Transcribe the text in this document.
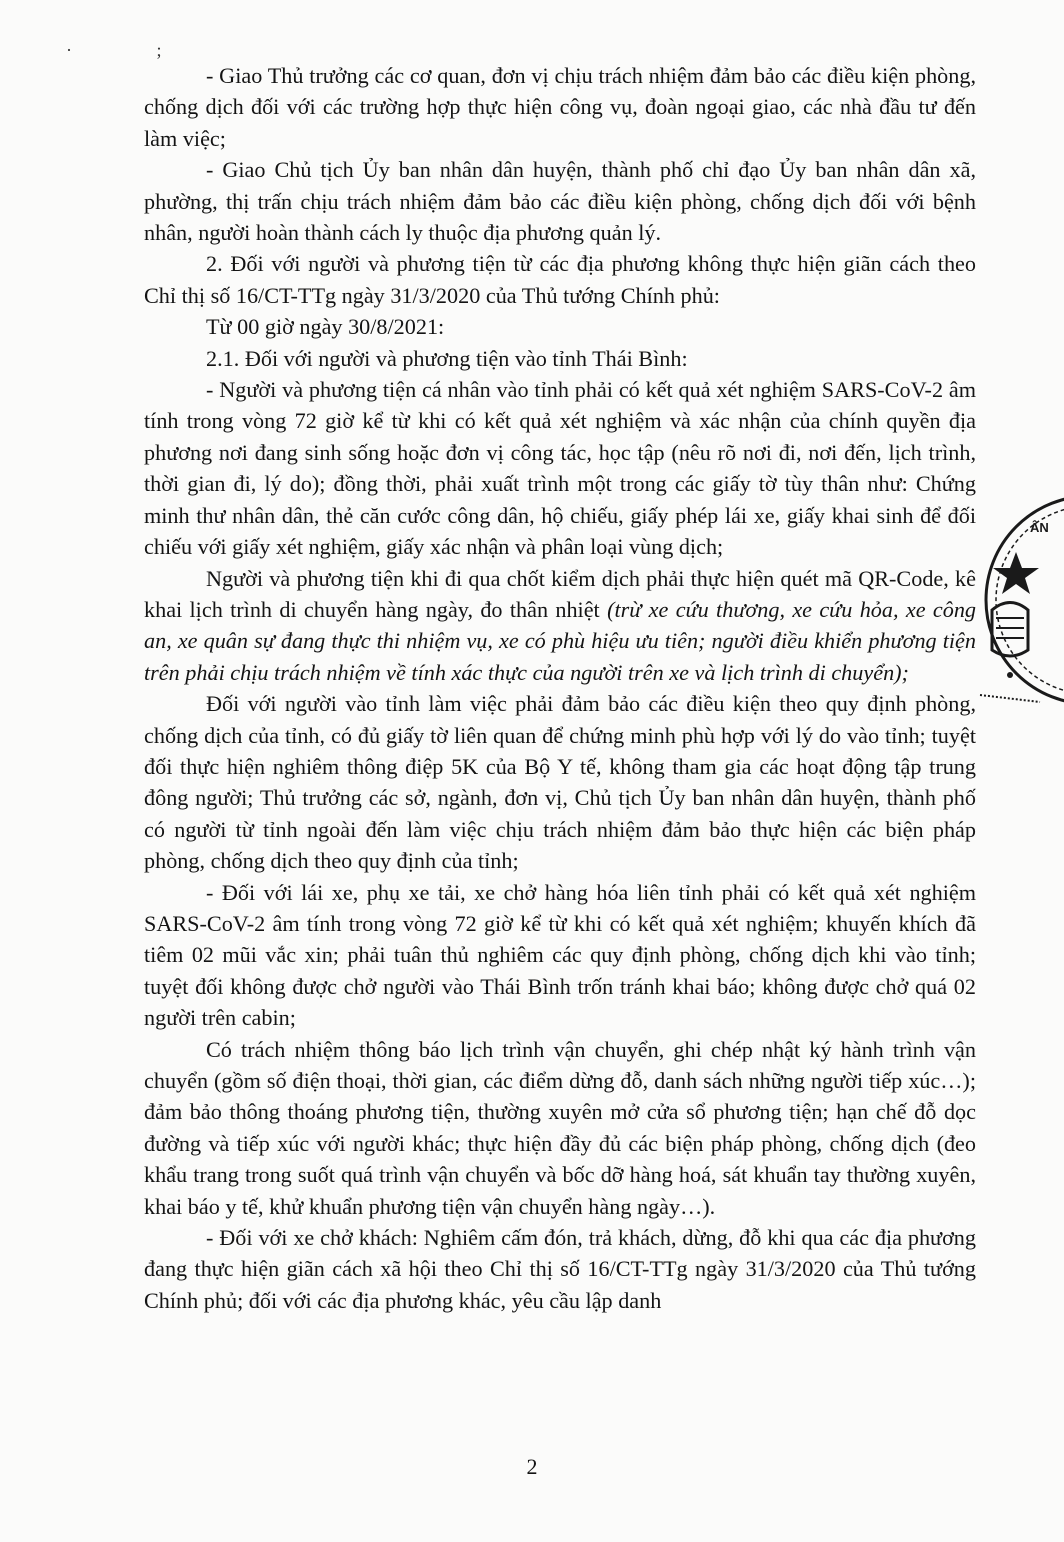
· ;

- Giao Thủ trưởng các cơ quan, đơn vị chịu trách nhiệm đảm bảo các điều kiện phòng, chống dịch đối với các trường hợp thực hiện công vụ, đoàn ngoại giao, các nhà đầu tư đến làm việc;

- Giao Chủ tịch Ủy ban nhân dân huyện, thành phố chỉ đạo Ủy ban nhân dân xã, phường, thị trấn chịu trách nhiệm đảm bảo các điều kiện phòng, chống dịch đối với bệnh nhân, người hoàn thành cách ly thuộc địa phương quản lý.

2. Đối với người và phương tiện từ các địa phương không thực hiện giãn cách theo Chỉ thị số 16/CT-TTg ngày 31/3/2020 của Thủ tướng Chính phủ:

Từ 00 giờ ngày 30/8/2021:

2.1. Đối với người và phương tiện vào tỉnh Thái Bình:

- Người và phương tiện cá nhân vào tỉnh phải có kết quả xét nghiệm SARS-CoV-2 âm tính trong vòng 72 giờ kể từ khi có kết quả xét nghiệm và xác nhận của chính quyền địa phương nơi đang sinh sống hoặc đơn vị công tác, học tập (nêu rõ nơi đi, nơi đến, lịch trình, thời gian đi, lý do); đồng thời, phải xuất trình một trong các giấy tờ tùy thân như: Chứng minh thư nhân dân, thẻ căn cước công dân, hộ chiếu, giấy phép lái xe, giấy khai sinh để đối chiếu với giấy xét nghiệm, giấy xác nhận và phân loại vùng dịch;

Người và phương tiện khi đi qua chốt kiểm dịch phải thực hiện quét mã QR-Code, kê khai lịch trình di chuyển hàng ngày, đo thân nhiệt (trừ xe cứu thương, xe cứu hỏa, xe công an, xe quân sự đang thực thi nhiệm vụ, xe có phù hiệu ưu tiên; người điều khiển phương tiện trên phải chịu trách nhiệm về tính xác thực của người trên xe và lịch trình di chuyển);

Đối với người vào tỉnh làm việc phải đảm bảo các điều kiện theo quy định phòng, chống dịch của tỉnh, có đủ giấy tờ liên quan để chứng minh phù hợp với lý do vào tỉnh; tuyệt đối thực hiện nghiêm thông điệp 5K của Bộ Y tế, không tham gia các hoạt động tập trung đông người; Thủ trưởng các sở, ngành, đơn vị, Chủ tịch Ủy ban nhân dân huyện, thành phố có người từ tỉnh ngoài đến làm việc chịu trách nhiệm đảm bảo thực hiện các biện pháp phòng, chống dịch theo quy định của tỉnh;

- Đối với lái xe, phụ xe tải, xe chở hàng hóa liên tỉnh phải có kết quả xét nghiệm SARS-CoV-2 âm tính trong vòng 72 giờ kể từ khi có kết quả xét nghiệm; khuyến khích đã tiêm 02 mũi vắc xin; phải tuân thủ nghiêm các quy định phòng, chống dịch khi vào tỉnh; tuyệt đối không được chở người vào Thái Bình trốn tránh khai báo; không được chở quá 02 người trên cabin;

Có trách nhiệm thông báo lịch trình vận chuyển, ghi chép nhật ký hành trình vận chuyển (gồm số điện thoại, thời gian, các điểm dừng đỗ, danh sách những người tiếp xúc…); đảm bảo thông thoáng phương tiện, thường xuyên mở cửa sổ phương tiện; hạn chế đỗ dọc đường và tiếp xúc với người khác; thực hiện đầy đủ các biện pháp phòng, chống dịch (đeo khẩu trang trong suốt quá trình vận chuyển và bốc dỡ hàng hoá, sát khuẩn tay thường xuyên, khai báo y tế, khử khuẩn phương tiện vận chuyển hàng ngày…).

- Đối với xe chở khách: Nghiêm cấm đón, trả khách, dừng, đỗ khi qua các địa phương đang thực hiện giãn cách xã hội theo Chỉ thị số 16/CT-TTg ngày 31/3/2020 của Thủ tướng Chính phủ; đối với các địa phương khác, yêu cầu lập danh

2
ÂN
